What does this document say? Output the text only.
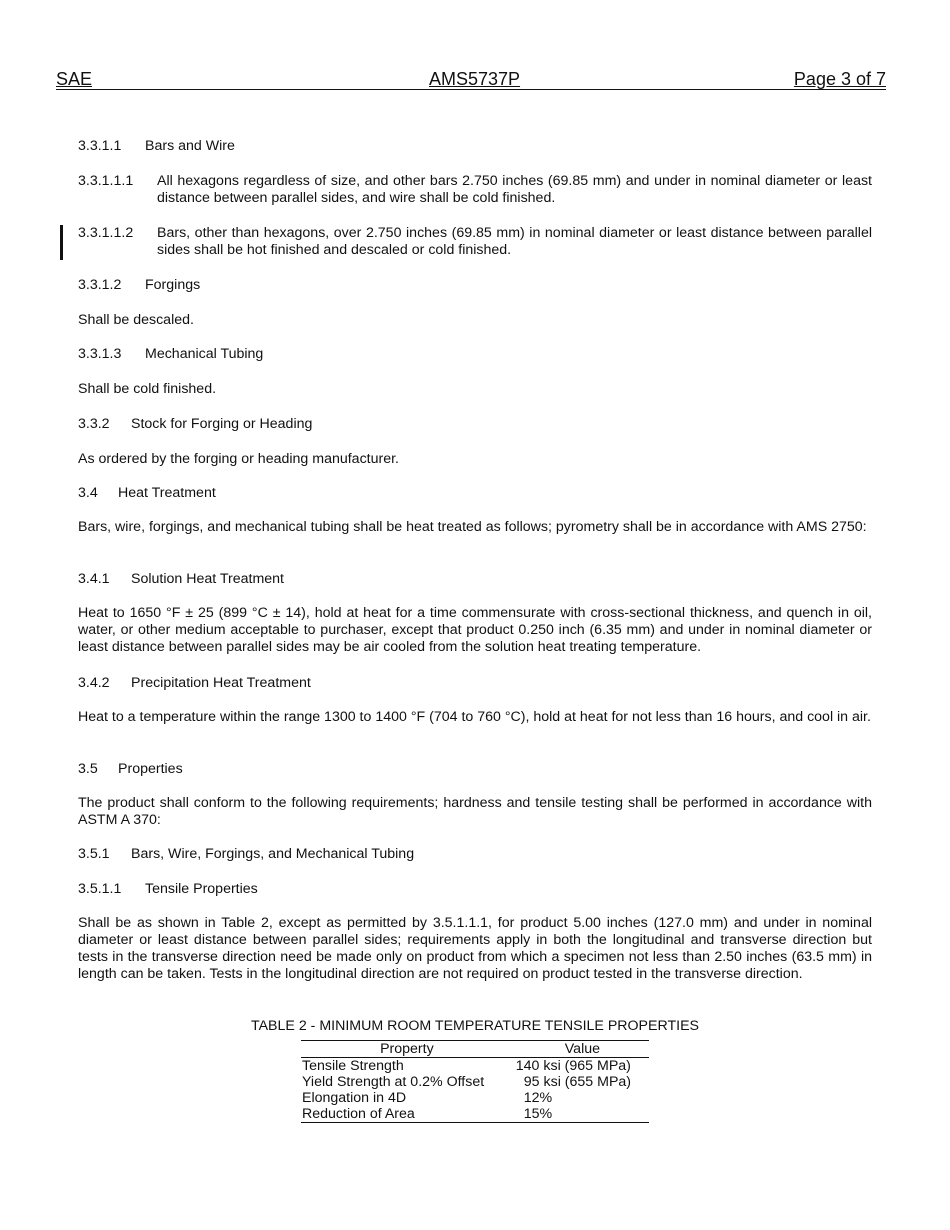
SAE	AMS5737P	Page 3 of 7
3.3.1.1 Bars and Wire
3.3.1.1.1 All hexagons regardless of size, and other bars 2.750 inches (69.85 mm) and under in nominal diameter or least distance between parallel sides, and wire shall be cold finished.
3.3.1.1.2 Bars, other than hexagons, over 2.750 inches (69.85 mm) in nominal diameter or least distance between parallel sides shall be hot finished and descaled or cold finished.
3.3.1.2 Forgings
Shall be descaled.
3.3.1.3 Mechanical Tubing
Shall be cold finished.
3.3.2 Stock for Forging or Heading
As ordered by the forging or heading manufacturer.
3.4 Heat Treatment
Bars, wire, forgings, and mechanical tubing shall be heat treated as follows; pyrometry shall be in accordance with AMS 2750:
3.4.1 Solution Heat Treatment
Heat to 1650 °F ± 25 (899 °C ± 14), hold at heat for a time commensurate with cross-sectional thickness, and quench in oil, water, or other medium acceptable to purchaser, except that product 0.250 inch (6.35 mm) and under in nominal diameter or least distance between parallel sides may be air cooled from the solution heat treating temperature.
3.4.2 Precipitation Heat Treatment
Heat to a temperature within the range 1300 to 1400 °F (704 to 760 °C), hold at heat for not less than 16 hours, and cool in air.
3.5 Properties
The product shall conform to the following requirements; hardness and tensile testing shall be performed in accordance with ASTM A 370:
3.5.1 Bars, Wire, Forgings, and Mechanical Tubing
3.5.1.1 Tensile Properties
Shall be as shown in Table 2, except as permitted by 3.5.1.1.1, for product 5.00 inches (127.0 mm) and under in nominal diameter or least distance between parallel sides; requirements apply in both the longitudinal and transverse direction but tests in the transverse direction need be made only on product from which a specimen not less than 2.50 inches (63.5 mm) in length can be taken. Tests in the longitudinal direction are not required on product tested in the transverse direction.
TABLE 2 - MINIMUM ROOM TEMPERATURE TENSILE PROPERTIES
Property	Value
Tensile Strength	140 ksi (965 MPa)
Yield Strength at 0.2% Offset	95 ksi (655 MPa)
Elongation in 4D	12%
Reduction of Area	15%
